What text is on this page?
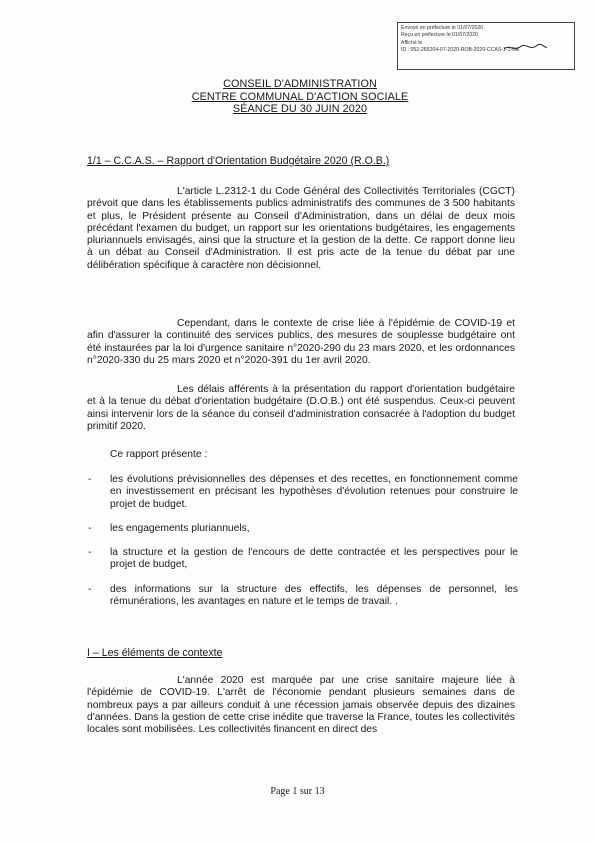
Envoyé en préfecture le 01/07/2020
Reçu en préfecture le 01/07/2020
Affiché le
ID : 052-265204-07-2020-ROB-2020-CCAS-1-1-DE
CONSEIL D'ADMINISTRATION
CENTRE COMMUNAL D'ACTION SOCIALE
SÉANCE DU 30 JUIN 2020
1/1 – C.C.A.S. – Rapport d'Orientation Budgétaire 2020 (R.O.B.)
L'article L.2312-1 du Code Général des Collectivités Territoriales (CGCT) prévoit que dans les établissements publics administratifs des communes de 3 500 habitants et plus, le Président présente au Conseil d'Administration, dans un délai de deux mois précédant l'examen du budget, un rapport sur les orientations budgétaires, les engagements pluriannuels envisagés, ainsi que la structure et la gestion de la dette. Ce rapport donne lieu à un débat au Conseil d'Administration. Il est pris acte de la tenue du débat par une délibération spécifique à caractère non décisionnel.
Cependant, dans le contexte de crise liée à l'épidémie de COVID-19 et afin d'assurer la continuité des services publics, des mesures de souplesse budgétaire ont été instaurées par la loi d'urgence sanitaire n°2020-290 du 23 mars 2020, et les ordonnances n°2020-330 du 25 mars 2020 et n°2020-391 du 1er avril 2020.
Les délais afférents à la présentation du rapport d'orientation budgétaire et à la tenue du débat d'orientation budgétaire (D.O.B.) ont été suspendus. Ceux-ci peuvent ainsi intervenir lors de la séance du conseil d'administration consacrée à l'adoption du budget primitif 2020.
Ce rapport présente :
- les évolutions prévisionnelles des dépenses et des recettes, en fonctionnement comme en investissement en précisant les hypothèses d'évolution retenues pour construire le projet de budget.
- les engagements pluriannuels,
- la structure et la gestion de l'encours de dette contractée et les perspectives pour le projet de budget,
- des informations sur la structure des effectifs, les dépenses de personnel, les rémunérations, les avantages en nature et le temps de travail. .
I – Les éléments de contexte
L'année 2020 est marquée par une crise sanitaire majeure liée à l'épidémie de COVID-19. L'arrêt de l'économie pendant plusieurs semaines dans de nombreux pays a par ailleurs conduit à une récession jamais observée depuis des dizaines d'années. Dans la gestion de cette crise inédite que traverse la France, toutes les collectivités locales sont mobilisées. Les collectivités financent en direct des
Page 1 sur 13
